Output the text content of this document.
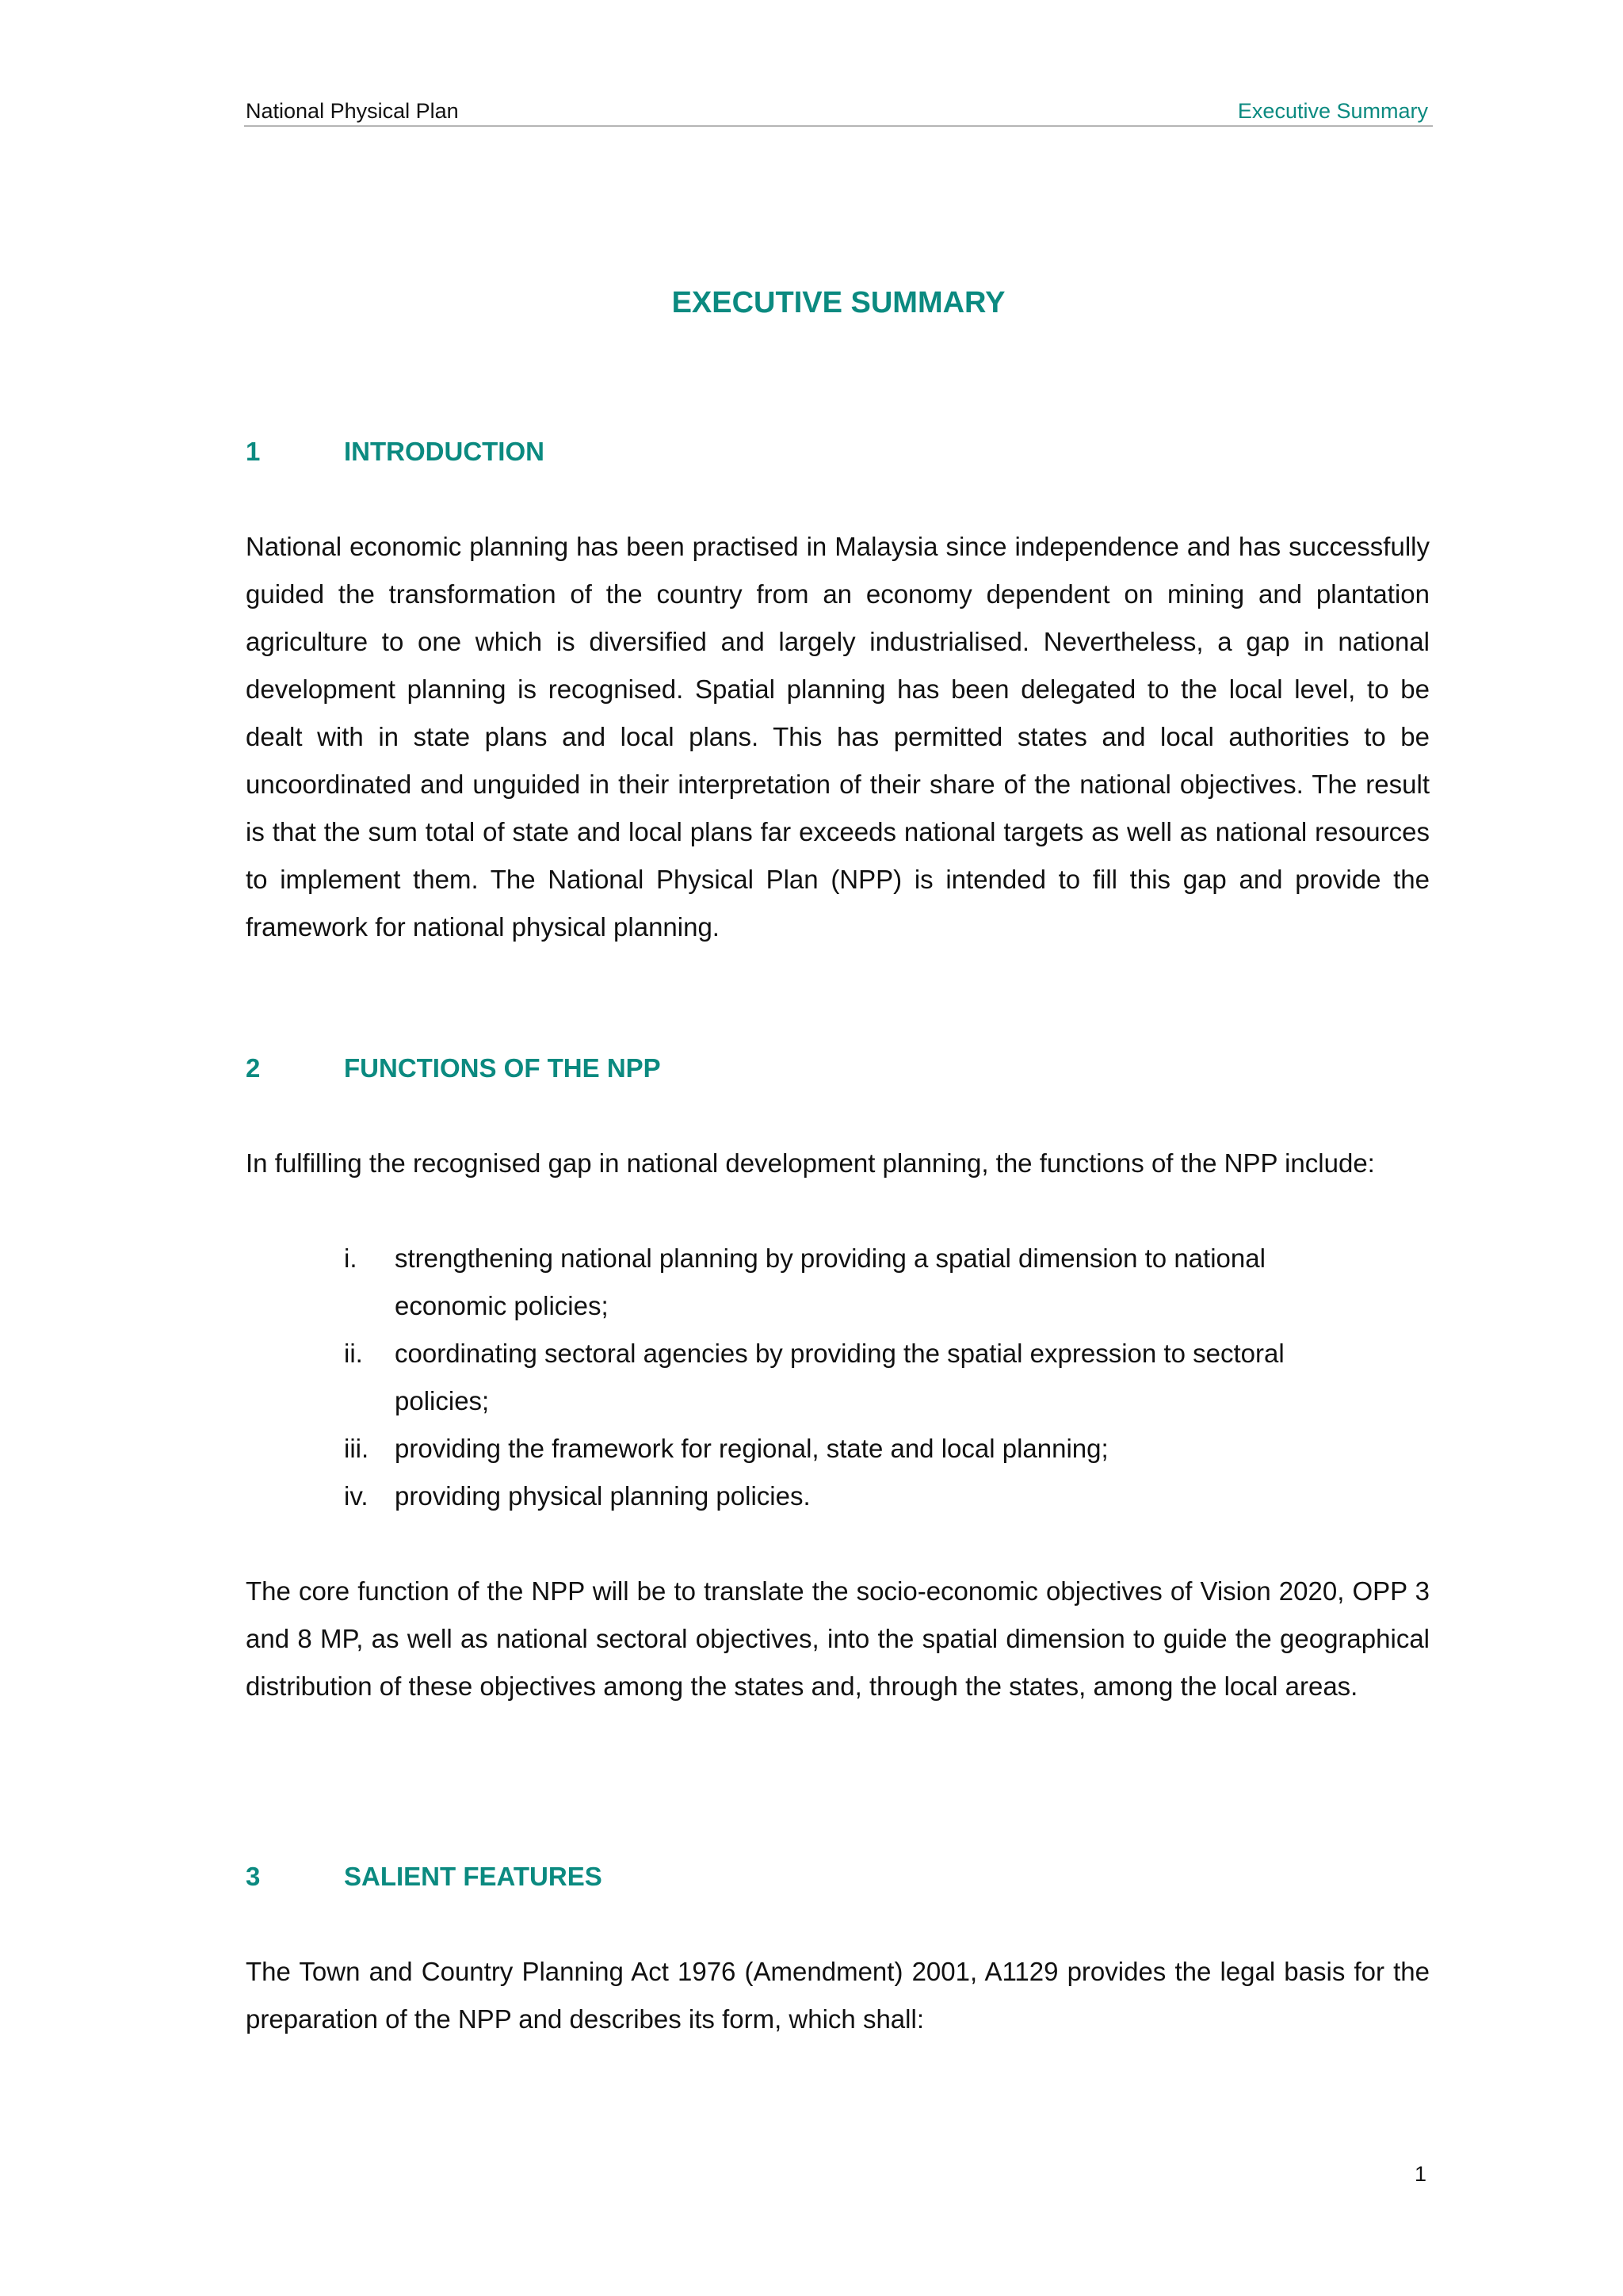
National Physical Plan	Executive Summary
EXECUTIVE SUMMARY
1	INTRODUCTION

National economic planning has been practised in Malaysia since independence and has successfully guided the transformation of the country from an economy dependent on mining and plantation agriculture to one which is diversified and largely industrialised. Nevertheless, a gap in national development planning is recognised. Spatial planning has been delegated to the local level, to be dealt with in state plans and local plans. This has permitted states and local authorities to be uncoordinated and unguided in their interpretation of their share of the national objectives. The result is that the sum total of state and local plans far exceeds national targets as well as national resources to implement them. The National Physical Plan (NPP) is intended to fill this gap and provide the framework for national physical planning.

2	FUNCTIONS OF THE NPP

In fulfilling the recognised gap in national development planning, the functions of the NPP include:

i. strengthening national planning by providing a spatial dimension to national economic policies;
ii. coordinating sectoral agencies by providing the spatial expression to sectoral policies;
iii. providing the framework for regional, state and local planning;
iv. providing physical planning policies.

The core function of the NPP will be to translate the socio-economic objectives of Vision 2020, OPP 3 and 8 MP, as well as national sectoral objectives, into the spatial dimension to guide the geographical distribution of these objectives among the states and, through the states, among the local areas.

3	SALIENT FEATURES

The Town and Country Planning Act 1976 (Amendment) 2001, A1129 provides the legal basis for the preparation of the NPP and describes its form, which shall:

1
